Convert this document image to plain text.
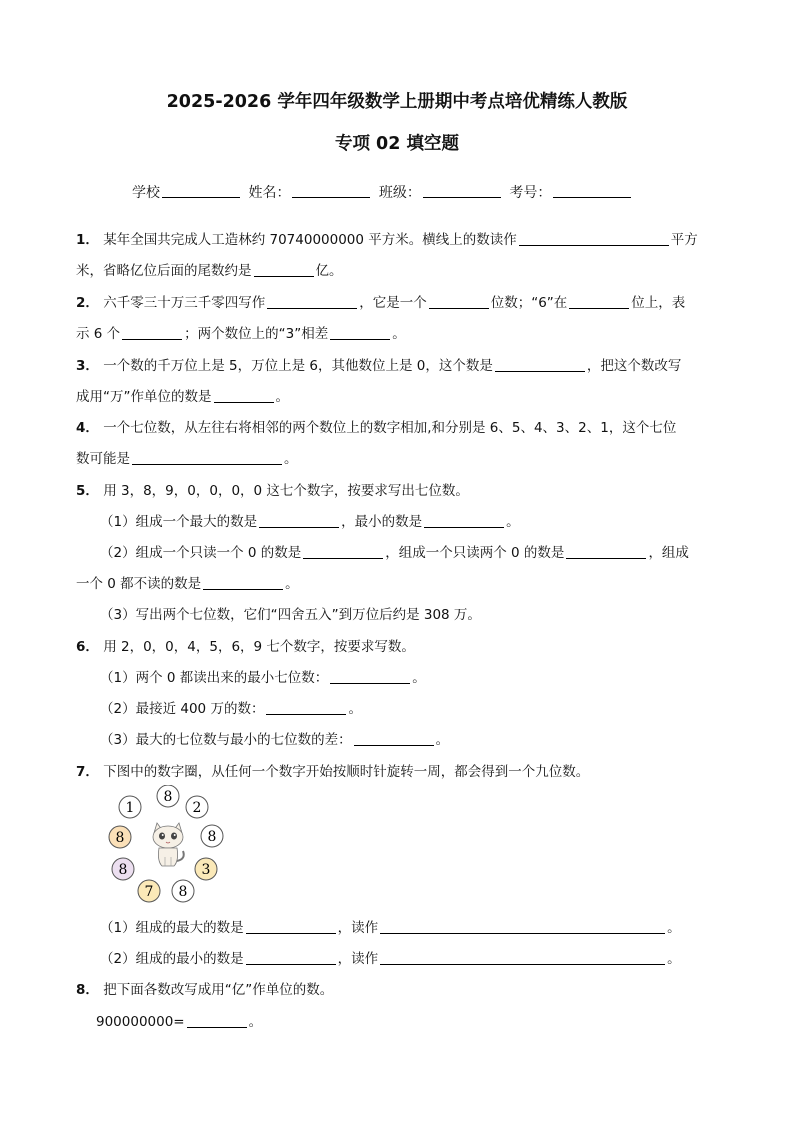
2025-2026 学年四年级数学上册期中考点培优精练人教版
专项 02 填空题
学校	姓名：	班级：	考号：
1． 某年全国共完成人工造林约 70740000000 平方米。横线上的数读作	平方
米，省略亿位后面的尾数约是	亿。
2． 六千零三十万三千零四写作	，它是一个	位数；“6”在	位上，表
示 6 个	；两个数位上的“3”相差	。
3． 一个数的千万位上是 5，万位上是 6，其他数位上是 0，这个数是	，把这个数改写
成用“万”作单位的数是	。
4． 一个七位数，从左往右将相邻的两个数位上的数字相加,和分别是 6、5、4、3、2、1，这个七位
数可能是	。
5． 用 3，8，9，0，0，0，0 这七个数字，按要求写出七位数。
（1）组成一个最大的数是	，最小的数是	。
（2）组成一个只读一个 0 的数是	，组成一个只读两个 0 的数是	，组成
一个 0 都不读的数是	。
（3）写出两个七位数，它们“四舍五入”到万位后约是 308 万。
6． 用 2，0，0，4，5，6，9 七个数字，按要求写数。
（1）两个 0 都读出来的最小七位数：	。
（2）最接近 400 万的数：	。
（3）最大的七位数与最小的七位数的差：	。
7． 下图中的数字圈，从任何一个数字开始按顺时针旋转一周，都会得到一个九位数。
1
8
2
8
3
8
7
8
8
（1）组成的最大的数是	，读作	。
（2）组成的最小的数是	，读作	。
8． 把下面各数改写成用“亿”作单位的数。
900000000=	。
